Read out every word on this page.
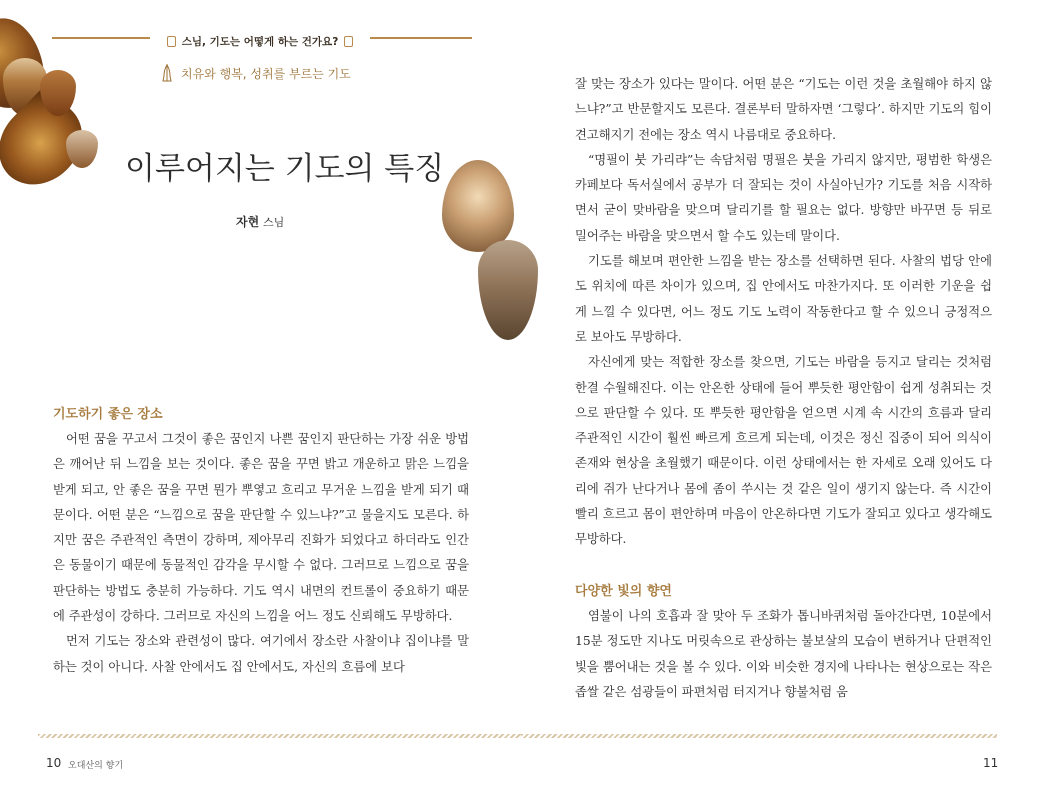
스님, 기도는 어떻게 하는 건가요?
치유와 행복, 성취를 부르는 기도
이루어지는 기도의 특징
자현 스님
기도하기 좋은 장소

어떤 꿈을 꾸고서 그것이 좋은 꿈인지 나쁜 꿈인지 판단하는 가장 쉬운 방법은 깨어난 뒤 느낌을 보는 것이다. 좋은 꿈을 꾸면 밝고 개운하고 맑은 느낌을 받게 되고, 안 좋은 꿈을 꾸면 뭔가 뿌옇고 흐리고 무거운 느낌을 받게 되기 때문이다. 어떤 분은 “느낌으로 꿈을 판단할 수 있느냐?”고 물을지도 모른다. 하지만 꿈은 주관적인 측면이 강하며, 제아무리 진화가 되었다고 하더라도 인간은 동물이기 때문에 동물적인 감각을 무시할 수 없다. 그러므로 느낌으로 꿈을 판단하는 방법도 충분히 가능하다. 기도 역시 내면의 컨트롤이 중요하기 때문에 주관성이 강하다. 그러므로 자신의 느낌을 어느 정도 신뢰해도 무방하다.

먼저 기도는 장소와 관련성이 많다. 여기에서 장소란 사찰이냐 집이냐를 말하는 것이 아니다. 사찰 안에서도 집 안에서도, 자신의 흐름에 보다

10 오대산의 향기

잘 맞는 장소가 있다는 말이다. 어떤 분은 “기도는 이런 것을 초월해야 하지 않느냐?”고 반문할지도 모른다. 결론부터 말하자면 ‘그렇다’. 하지만 기도의 힘이 견고해지기 전에는 장소 역시 나름대로 중요하다.

“명필이 붓 가리랴”는 속담처럼 명필은 붓을 가리지 않지만, 평범한 학생은 카페보다 독서실에서 공부가 더 잘되는 것이 사실아닌가? 기도를 처음 시작하면서 굳이 맞바람을 맞으며 달리기를 할 필요는 없다. 방향만 바꾸면 등 뒤로 밀어주는 바람을 맞으면서 할 수도 있는데 말이다.

기도를 해보며 편안한 느낌을 받는 장소를 선택하면 된다. 사찰의 법당 안에도 위치에 따른 차이가 있으며, 집 안에서도 마찬가지다. 또 이러한 기운을 쉽게 느낄 수 있다면, 어느 정도 기도 노력이 작동한다고 할 수 있으니 긍정적으로 보아도 무방하다.

자신에게 맞는 적합한 장소를 찾으면, 기도는 바람을 등지고 달리는 것처럼 한결 수월해진다. 이는 안온한 상태에 들어 뿌듯한 평안함이 쉽게 성취되는 것으로 판단할 수 있다. 또 뿌듯한 평안함을 얻으면 시계 속 시간의 흐름과 달리 주관적인 시간이 훨씬 빠르게 흐르게 되는데, 이것은 정신 집중이 되어 의식이 존재와 현상을 초월했기 때문이다. 이런 상태에서는 한 자세로 오래 있어도 다리에 쥐가 난다거나 몸에 좀이 쑤시는 것 같은 일이 생기지 않는다. 즉 시간이 빨리 흐르고 몸이 편안하며 마음이 안온하다면 기도가 잘되고 있다고 생각해도 무방하다.

다양한 빛의 향연

염불이 나의 호흡과 잘 맞아 두 조화가 톱니바퀴처럼 돌아간다면, 10분에서 15분 정도만 지나도 머릿속으로 관상하는 불보살의 모습이 변하거나 단편적인 빛을 뿜어내는 것을 볼 수 있다. 이와 비슷한 경지에 나타나는 현상으로는 작은 좁쌀 같은 섬광들이 파편처럼 터지거나 향불처럼 움

11
